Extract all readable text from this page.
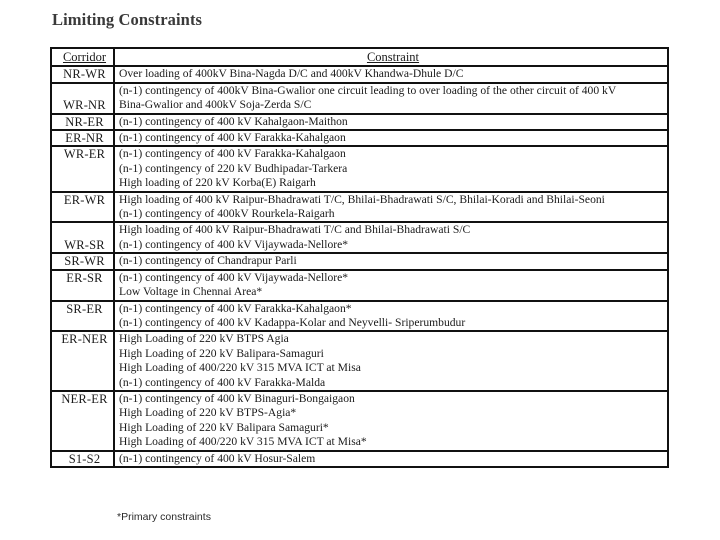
Limiting Constraints
Corridor	Constraint

NR-WR	Over loading of 400kV Bina-Nagda D/C and 400kV Khandwa-Dhule D/C

WR-NR	(n-1) contingency of 400kV Bina-Gwalior one circuit leading to over loading of the other circuit of 400 kV
Bina-Gwalior and 400kV Soja-Zerda S/C

NR-ER	(n-1) contingency of 400 kV Kahalgaon-Maithon

ER-NR	(n-1) contingency of 400 kV Farakka-Kahalgaon

WR-ER	(n-1) contingency of 400 kV Farakka-Kahalgaon
(n-1) contingency of 220 kV Budhipadar-Tarkera
High loading of 220 kV Korba(E) Raigarh

ER-WR	High loading of 400 kV Raipur-Bhadrawati T/C, Bhilai-Bhadrawati S/C, Bhilai-Koradi and Bhilai-Seoni
(n-1) contingency of 400kV Rourkela-Raigarh

WR-SR	High loading of 400 kV Raipur-Bhadrawati T/C and Bhilai-Bhadrawati S/C
(n-1) contingency of 400 kV Vijaywada-Nellore*

SR-WR	(n-1) contingency of Chandrapur Parli

ER-SR	(n-1) contingency of 400 kV Vijaywada-Nellore*
Low Voltage in Chennai Area*

SR-ER	(n-1) contingency of 400 kV Farakka-Kahalgaon*
(n-1) contingency of 400 kV Kadappa-Kolar and Neyvelli- Sriperumbudur

ER-NER	High Loading of 220 kV BTPS Agia
High Loading of 220 kV Balipara-Samaguri
High Loading of 400/220 kV 315 MVA ICT at Misa
(n-1) contingency of 400 kV Farakka-Malda

NER-ER	(n-1) contingency of 400 kV Binaguri-Bongaigaon
High Loading of 220 kV BTPS-Agia*
High Loading of 220 kV Balipara Samaguri*
High Loading of 400/220 kV 315 MVA ICT at Misa*

S1-S2	(n-1) contingency of 400 kV Hosur-Salem
*Primary constraints
